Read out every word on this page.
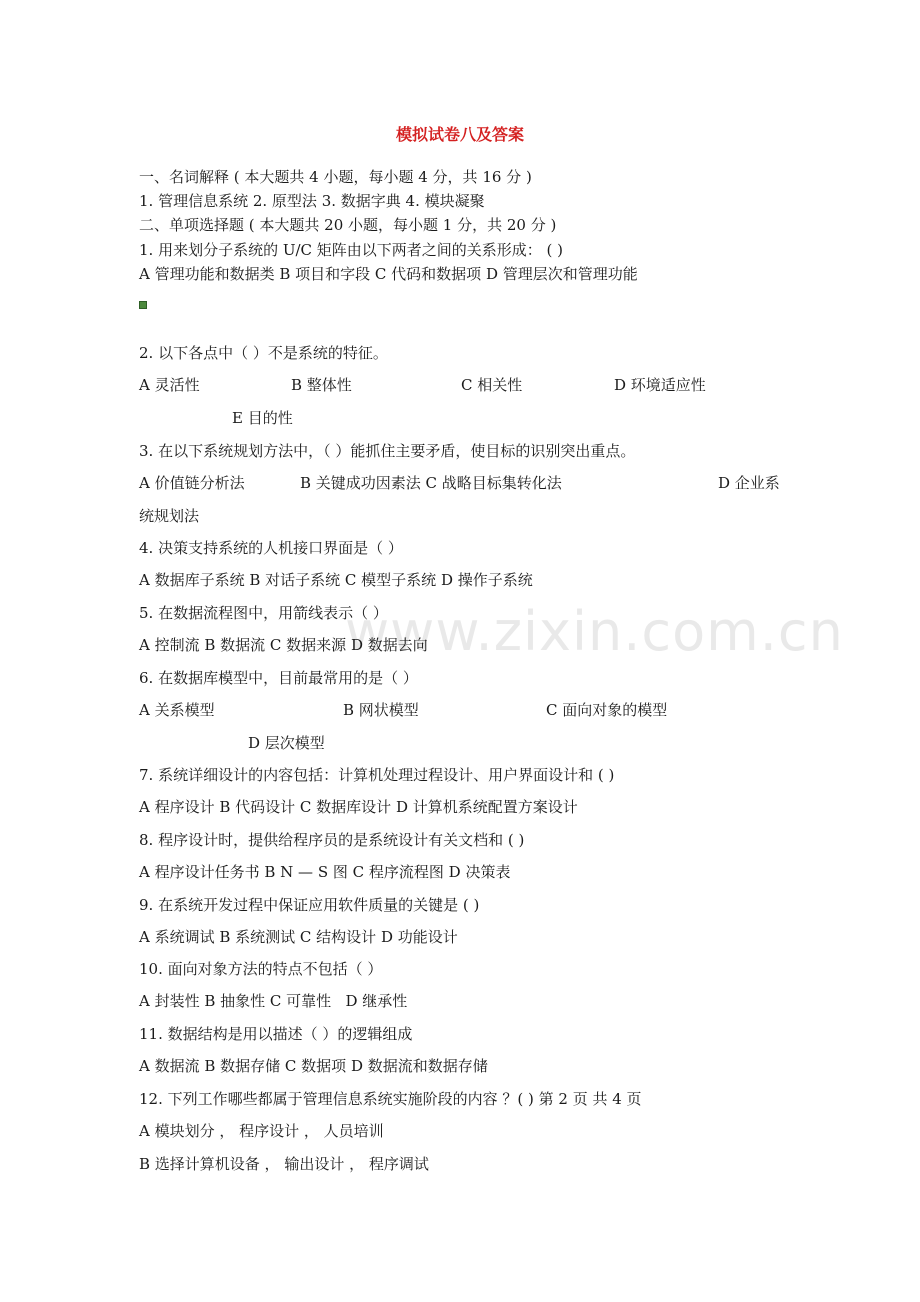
www.zixin.com.cn
模拟试卷八及答案
一、名词解释 ( 本大题共 4 小题，每小题 4 分，共 16 分 )
1. 管理信息系统 2. 原型法 3. 数据字典 4. 模块凝聚
二、单项选择题 ( 本大题共 20 小题，每小题 1 分，共 20 分 )
1. 用来划分子系统的 U/C 矩阵由以下两者之间的关系形成： ( )
A 管理功能和数据类 B 项目和字段 C 代码和数据项 D 管理层次和管理功能
2. 以下各点中（ ）不是系统的特征。
A 灵活性	B 整体性	C 相关性	D 环境适应性
E 目的性
3. 在以下系统规划方法中，（ ）能抓住主要矛盾，使目标的识别突出重点。
A 价值链分析法	B 关键成功因素法 C 战略目标集转化法	D 企业系
统规划法
4. 决策支持系统的人机接口界面是（ ）
A 数据库子系统 B 对话子系统 C 模型子系统 D 操作子系统
5. 在数据流程图中，用箭线表示（ ）
A 控制流 B 数据流 C 数据来源 D 数据去向
6. 在数据库模型中，目前最常用的是（ ）
A 关系模型	B 网状模型	C 面向对象的模型
D 层次模型
7. 系统详细设计的内容包括：计算机处理过程设计、用户界面设计和 ( )
A 程序设计 B 代码设计 C 数据库设计 D 计算机系统配置方案设计
8. 程序设计时，提供给程序员的是系统设计有关文档和 ( )
A 程序设计任务书 B N — S 图 C 程序流程图 D 决策表
9. 在系统开发过程中保证应用软件质量的关键是 ( )
A 系统调试 B 系统测试 C 结构设计 D 功能设计
10. 面向对象方法的特点不包括（ ）
A 封装性 B 抽象性 C 可靠性   D 继承性
11. 数据结构是用以描述（ ）的逻辑组成
A 数据流 B 数据存储 C 数据项 D 数据流和数据存储
12. 下列工作哪些都属于管理信息系统实施阶段的内容 ？( ) 第 2 页 共 4 页
A 模块划分 ， 程序设计 ， 人员培训
B 选择计算机设备 ， 输出设计 ， 程序调试
